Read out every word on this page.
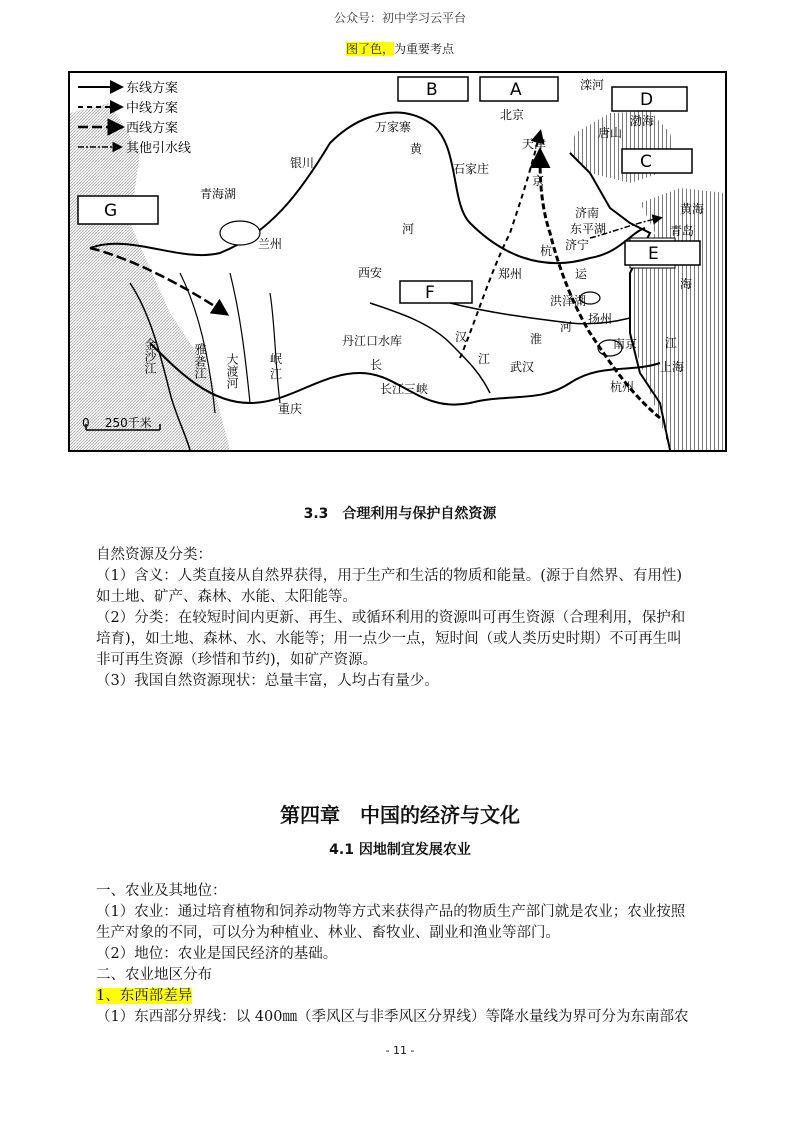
公众号：初中学习云平台
图了色，为重要考点
东线方案
中线方案
西线方案
其他引水线
B	A
C
D
E
F
G
北京
天津
石家庄
万家寨
银川
青海湖
兰州
西安	郑州
济南
青岛
东平湖
济宁
洪泽湖
扬州
南京
上海
杭州
武汉
重庆
长江三峡
丹江口水库
唐山
渤海
黄海
海
滦河
黄
河
京
杭
运
河
汉
江
淮
长
江
金沙江	雅砻江 大渡河	岷
江
0    250千米
3.3　合理利用与保护自然资源
自然资源及分类：
（1）含义：人类直接从自然界获得，用于生产和生活的物质和能量。(源于自然界、有用性)
如土地、矿产、森林、水能、太阳能等。
（2）分类：在较短时间内更新、再生、或循环利用的资源叫可再生资源（合理利用，保护和
培育)，如土地、森林、水、水能等；用一点少一点，短时间（或人类历史时期）不可再生叫
非可再生资源（珍惜和节约)，如矿产资源。
（3）我国自然资源现状：总量丰富，人均占有量少。
第四章　中国的经济与文化
4.1 因地制宜发展农业
一、农业及其地位：
（1）农业：通过培育植物和饲养动物等方式来获得产品的物质生产部门就是农业；农业按照
生产对象的不同，可以分为种植业、林业、畜牧业、副业和渔业等部门。
（2）地位：农业是国民经济的基础。
二、农业地区分布
1、东西部差异
（1）东西部分界线：以 400㎜（季风区与非季风区分界线）等降水量线为界可分为东南部农
- 11 -
